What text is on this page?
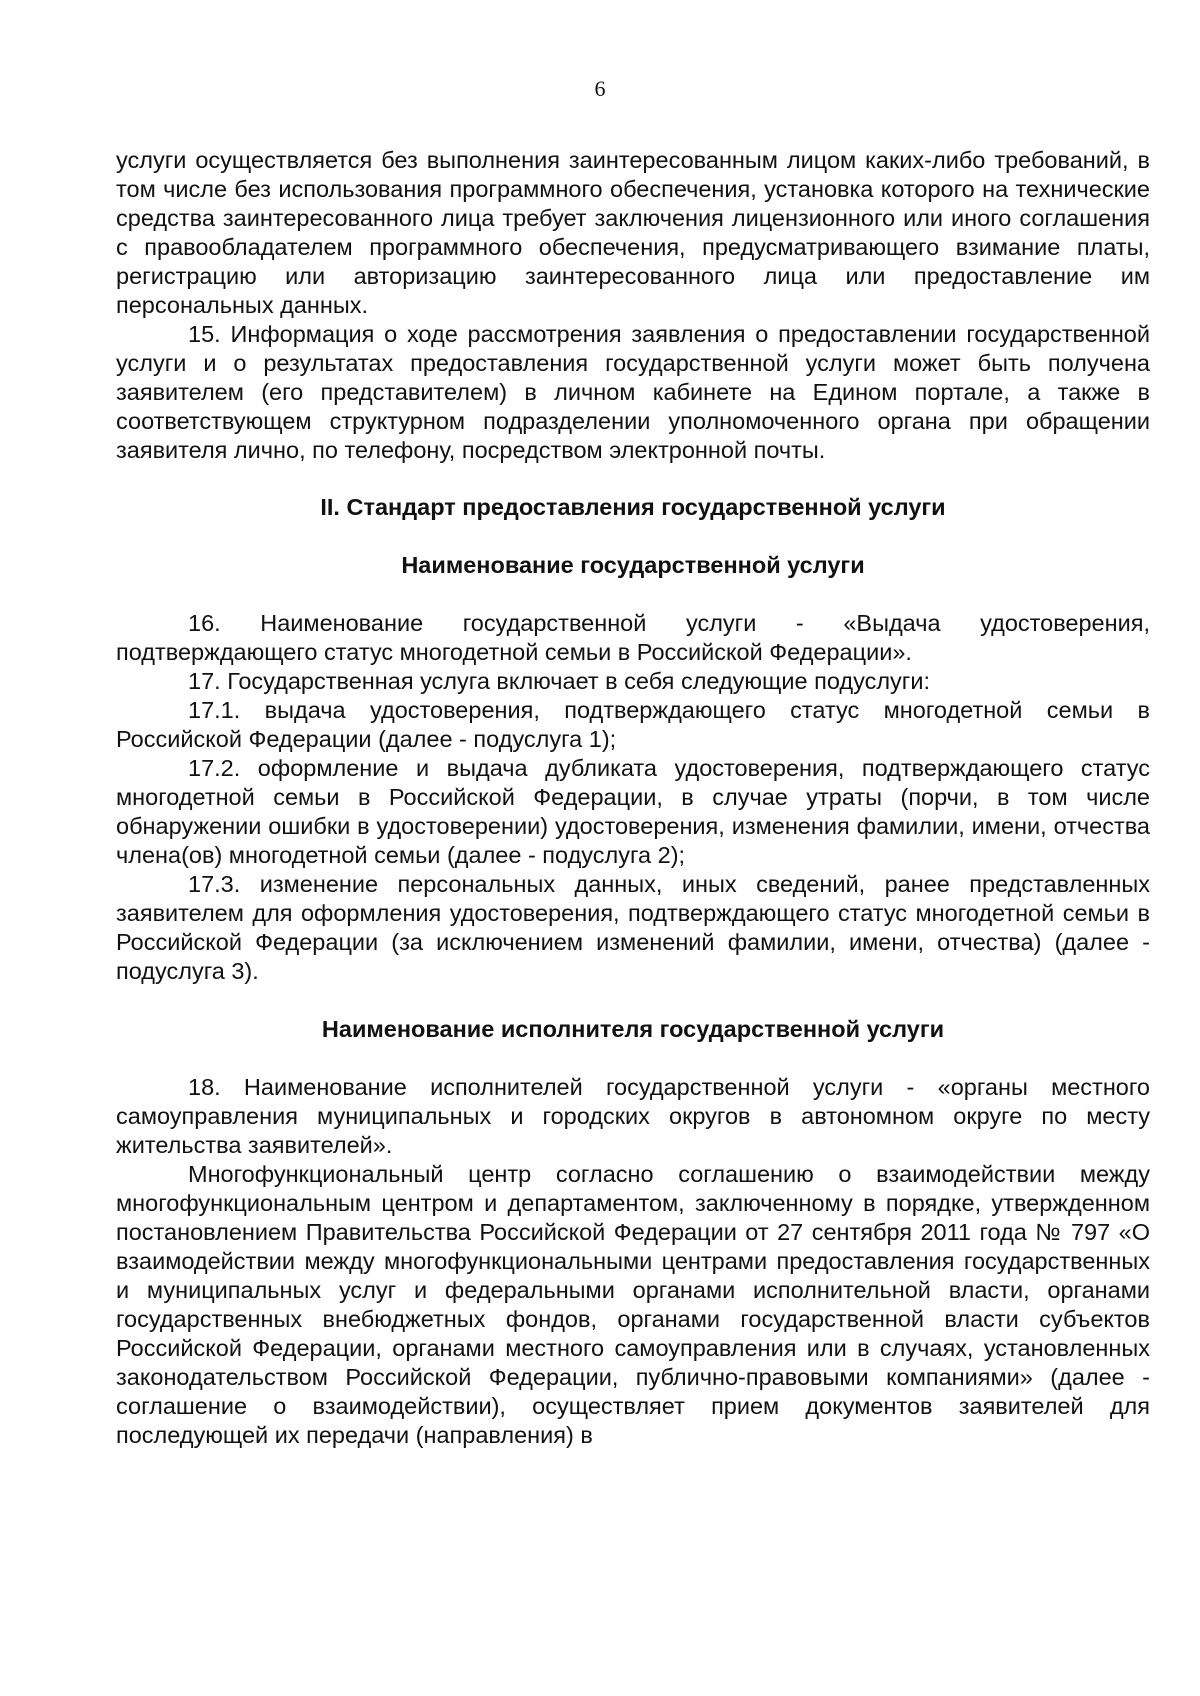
6

услуги осуществляется без выполнения заинтересованным лицом каких-либо требований, в том числе без использования программного обеспечения, установка которого на технические средства заинтересованного лица требует заключения лицензионного или иного соглашения с правообладателем программного обеспечения, предусматривающего взимание платы, регистрацию или авторизацию заинтересованного лица или предоставление им персональных данных.

15. Информация о ходе рассмотрения заявления о предоставлении государственной услуги и о результатах предоставления государственной услуги может быть получена заявителем (его представителем) в личном кабинете на Едином портале, а также в соответствующем структурном подразделении уполномоченного органа при обращении заявителя лично, по телефону, посредством электронной почты.

II. Стандарт предоставления государственной услуги

Наименование государственной услуги

16. Наименование государственной услуги - «Выдача удостоверения, подтверждающего статус многодетной семьи в Российской Федерации».

17. Государственная услуга включает в себя следующие подуслуги:

17.1. выдача удостоверения, подтверждающего статус многодетной семьи в Российской Федерации (далее - подуслуга 1);

17.2. оформление и выдача дубликата удостоверения, подтверждающего статус многодетной семьи в Российской Федерации, в случае утраты (порчи, в том числе обнаружении ошибки в удостоверении) удостоверения, изменения фамилии, имени, отчества члена(ов) многодетной семьи (далее - подуслуга 2);

17.3. изменение персональных данных, иных сведений, ранее представленных заявителем для оформления удостоверения, подтверждающего статус многодетной семьи в Российской Федерации (за исключением изменений фамилии, имени, отчества) (далее - подуслуга 3).

Наименование исполнителя государственной услуги

18. Наименование исполнителей государственной услуги - «органы местного самоуправления муниципальных и городских округов в автономном округе по месту жительства заявителей».

Многофункциональный центр согласно соглашению о взаимодействии между многофункциональным центром и департаментом, заключенному в порядке, утвержденном постановлением Правительства Российской Федерации от 27 сентября 2011 года № 797 «О взаимодействии между многофункциональными центрами предоставления государственных и муниципальных услуг и федеральными органами исполнительной власти, органами государственных внебюджетных фондов, органами государственной власти субъектов Российской Федерации, органами местного самоуправления или в случаях, установленных законодательством Российской Федерации, публично-правовыми компаниями» (далее - соглашение о взаимодействии), осуществляет прием документов заявителей для последующей их передачи (направления) в
